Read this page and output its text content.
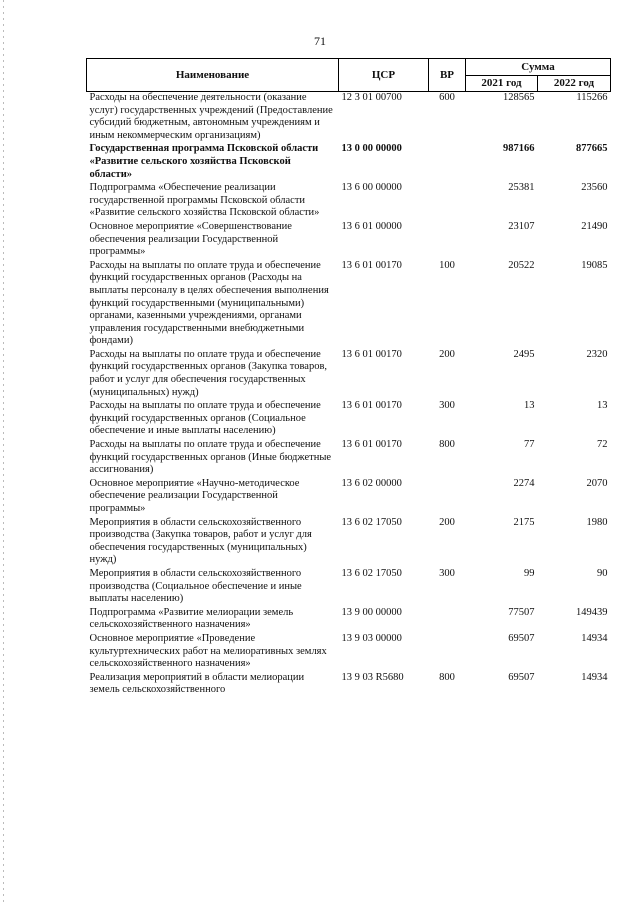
71
Наименование	ЦСР	ВР	Сумма	
			2021 год	2022 год
Расходы на обеспечение деятельности (оказание услуг) государственных учреждений (Предоставление субсидий бюджетным, автономным учреждениям и иным некоммерческим организациям)	12 3 01 00700	600	128565	115266
Государственная программа Псковской области «Развитие сельского хозяйства Псковской области»	13 0 00 00000		987166	877665
Подпрограмма «Обеспечение реализации государственной программы Псковской области «Развитие сельского хозяйства Псковской области»	13 6 00 00000		25381	23560
Основное мероприятие «Совершенствование обеспечения реализации Государственной программы»	13 6 01 00000		23107	21490
Расходы на выплаты по оплате труда и обеспечение функций государственных органов (Расходы на выплаты персоналу в целях обеспечения выполнения функций государственными (муниципальными) органами, казенными учреждениями, органами управления государственными внебюджетными фондами)	13 6 01 00170	100	20522	19085
Расходы на выплаты по оплате труда и обеспечение функций государственных органов (Закупка товаров, работ и услуг для обеспечения государственных (муниципальных) нужд)	13 6 01 00170	200	2495	2320
Расходы на выплаты по оплате труда и обеспечение функций государственных органов (Социальное обеспечение и иные выплаты населению)	13 6 01 00170	300	13	13
Расходы на выплаты по оплате труда и обеспечение функций государственных органов (Иные бюджетные ассигнования)	13 6 01 00170	800	77	72
Основное мероприятие «Научно-методическое обеспечение реализации Государственной программы»	13 6 02 00000		2274	2070
Мероприятия в области сельскохозяйственного производства (Закупка товаров, работ и услуг для обеспечения государственных (муниципальных) нужд)	13 6 02 17050	200	2175	1980
Мероприятия в области сельскохозяйственного производства (Социальное обеспечение и иные выплаты населению)	13 6 02 17050	300	99	90
Подпрограмма «Развитие мелиорации земель сельскохозяйственного назначения»	13 9 00 00000		77507	149439
Основное мероприятие «Проведение культуртехнических работ на мелиоративных землях сельскохозяйственного назначения»	13 9 03 00000		69507	14934
Реализация мероприятий в области мелиорации земель сельскохозяйственного	13 9 03 R5680	800	69507	14934
